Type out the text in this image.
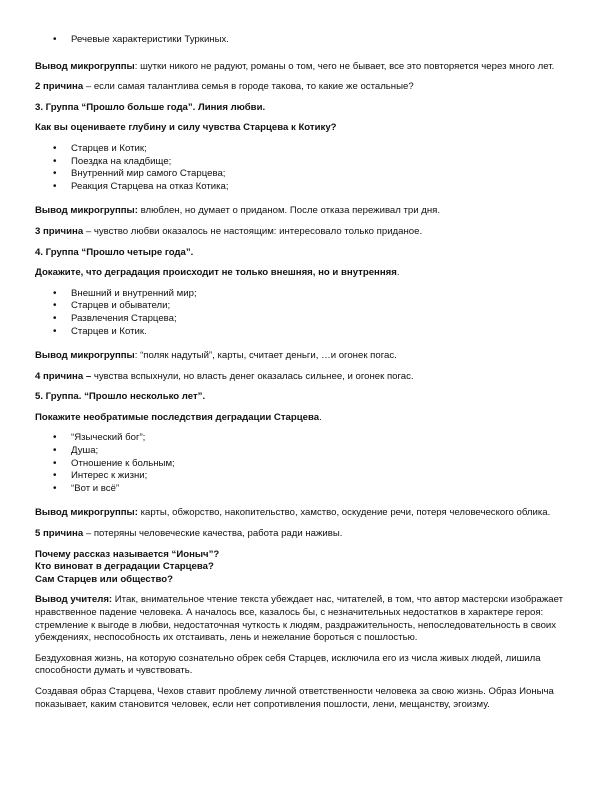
• Речевые характеристики Туркиных.

Вывод микрогруппы: шутки никого не радуют, романы о том, чего не бывает, все это повторяется через много лет.

2 причина – если самая талантлива семья в городе такова, то какие же остальные?

3. Группа “Прошло больше года”. Линия любви.

Как вы оцениваете глубину и силу чувства Старцева к Котику?

• Старцев и Котик;
• Поездка на кладбище;
• Внутренний мир самого Старцева;
• Реакция Старцева на отказ Котика;

Вывод микрогруппы: влюблен, но думает о приданом. После отказа переживал три дня.

3 причина – чувство любви оказалось не настоящим: интересовало только приданое.

4. Группа “Прошло четыре года”.

Докажите, что деградация происходит не только внешняя, но и внутренняя.

• Внешний и внутренний мир;
• Старцев и обыватели;
• Развлечения Старцева;
• Старцев и Котик.

Вывод микрогруппы: “поляк надутый”, карты, считает деньги, …и огонек погас.

4 причина – чувства вспыхнули, но власть денег оказалась сильнее, и огонек погас.

5. Группа. “Прошло несколько лет”.

Покажите необратимые последствия деградации Старцева.

• “Языческий бог”;
• Душа;
• Отношение к больным;
• Интерес к жизни;
• “Вот и всё”

Вывод микрогруппы: карты, обжорство, накопительство, хамство, оскудение речи, потеря человеческого облика.

5 причина – потеряны человеческие качества, работа ради наживы.

Почему рассказ называется “Ионыч”?
Кто виноват в деградации Старцева?
Сам Старцев или общество?

Вывод учителя: Итак, внимательное чтение текста убеждает нас, читателей, в том, что автор мастерски изображает нравственное падение человека. А началось все, казалось бы, с незначительных недостатков в характере героя: стремление к выгоде в любви, недостаточная чуткость к людям, раздражительность, непоследовательность в своих убеждениях, неспособность их отстаивать, лень и нежелание бороться с пошлостью.

Бездуховная жизнь, на которую сознательно обрек себя Старцев, исключила его из числа живых людей, лишила способности думать и чувствовать.

Создавая образ Старцева, Чехов ставит проблему личной ответственности человека за свою жизнь. Образ Ионыча показывает, каким становится человек, если нет сопротивления пошлости, лени, мещанству, эгоизму.
